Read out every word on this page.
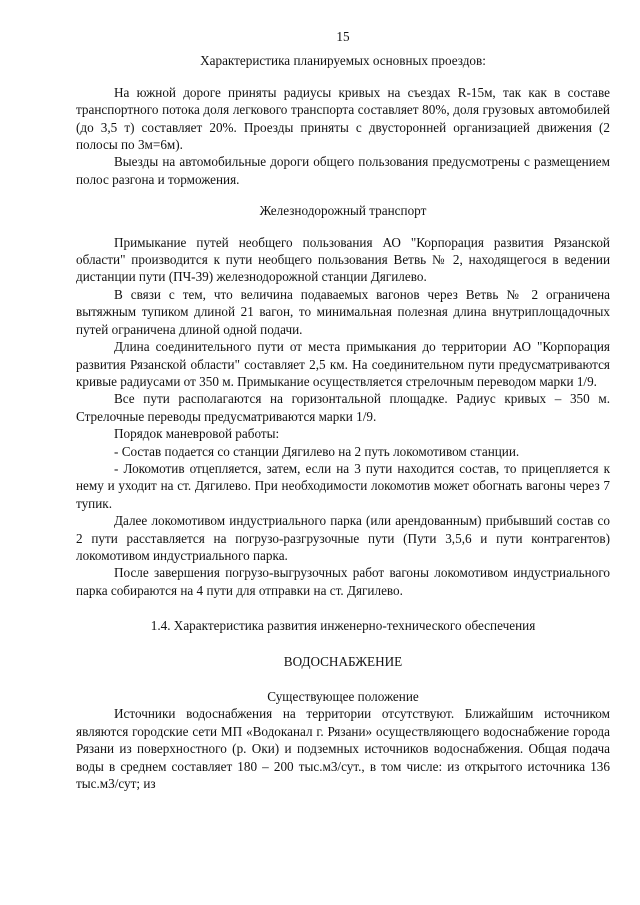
15
Характеристика планируемых основных проездов:

На южной дороге приняты радиусы кривых на съездах R-15м, так как в составе транспортного потока доля легкового транспорта составляет 80%, доля грузовых автомобилей (до 3,5 т) составляет 20%. Проезды приняты с двусторонней организацией движения (2 полосы по 3м=6м).

Выезды на автомобильные дороги общего пользования предусмотрены с размещением полос разгона и торможения.

Железнодорожный транспорт

Примыкание путей необщего пользования АО "Корпорация развития Рязанской области" производится к пути необщего пользования Ветвь № 2, находящегося в ведении дистанции пути (ПЧ-39) железнодорожной станции Дягилево.

В связи с тем, что величина подаваемых вагонов через Ветвь № 2 ограничена вытяжным тупиком длиной 21 вагон, то минимальная полезная длина внутриплощадочных путей ограничена длиной одной подачи.

Длина соединительного пути от места примыкания до территории АО "Корпорация развития Рязанской области" составляет 2,5 км. На соединительном пути предусматриваются кривые радиусами от 350 м. Примыкание осуществляется стрелочным переводом марки 1/9.

Все пути располагаются на горизонтальной площадке. Радиус кривых – 350 м. Стрелочные переводы предусматриваются марки 1/9.

Порядок маневровой работы:

- Состав подается со станции Дягилево на 2 путь локомотивом станции.

- Локомотив отцепляется, затем, если на 3 пути находится состав, то прицепляется к нему и уходит на ст. Дягилево. При необходимости локомотив может обогнать вагоны через 7 тупик.

Далее локомотивом индустриального парка (или арендованным) прибывший состав со 2 пути расставляется на погрузо-разгрузочные пути (Пути 3,5,6 и пути контрагентов) локомотивом индустриального парка.

После завершения погрузо-выгрузочных работ вагоны локомотивом индустриального парка собираются на 4 пути для отправки на ст. Дягилево.

1.4. Характеристика развития инженерно-технического обеспечения
ВОДОСНАБЖЕНИЕ
Существующее положение

Источники водоснабжения на территории отсутствуют. Ближайшим источником являются городские сети МП «Водоканал г. Рязани» осуществляющего водоснабжение города Рязани из поверхностного (р. Оки) и подземных источников водоснабжения. Общая подача воды в среднем составляет 180 – 200 тыс.м3/сут., в том числе: из открытого источника 136 тыс.м3/сут; из
